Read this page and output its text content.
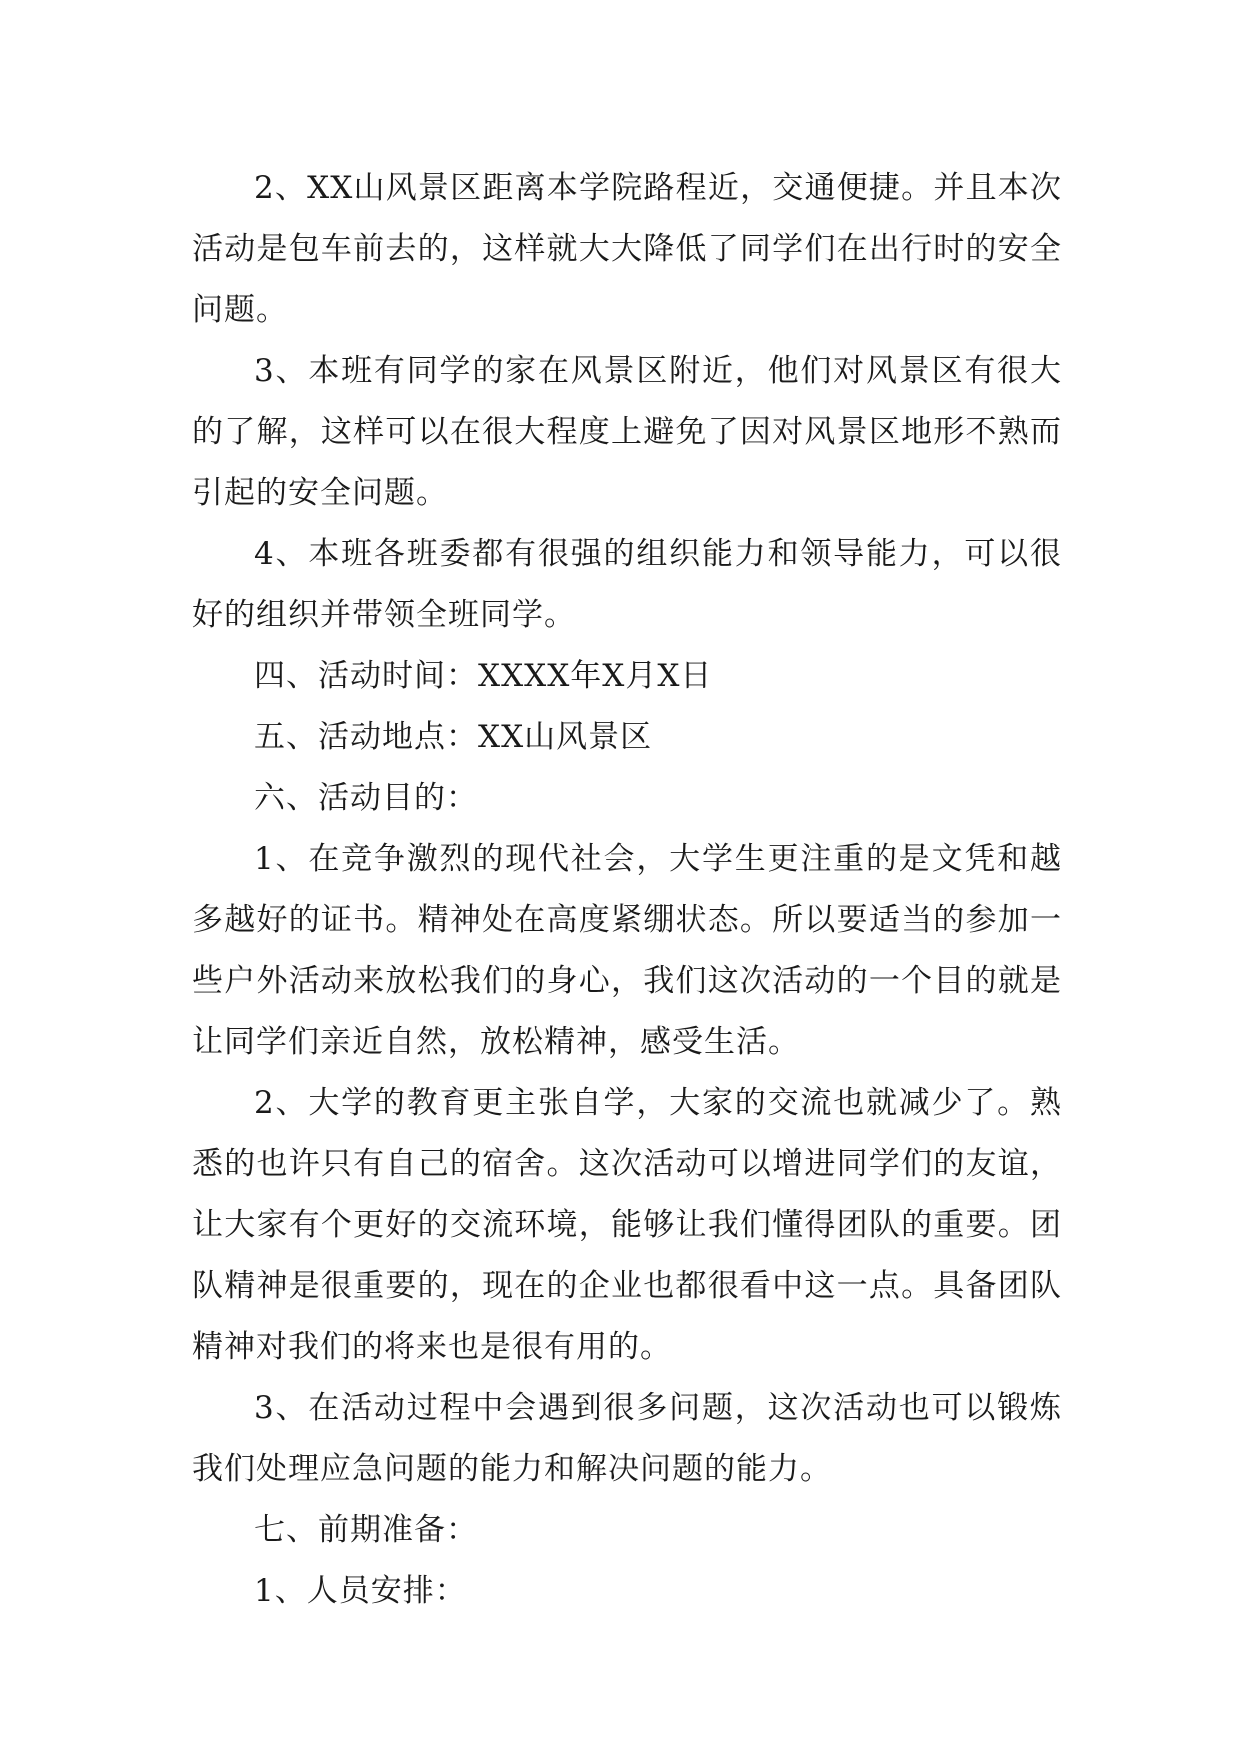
2、XX山风景区距离本学院路程近，交通便捷。并且本次活动是包车前去的，这样就大大降低了同学们在出行时的安全问题。

3、本班有同学的家在风景区附近，他们对风景区有很大的了解，这样可以在很大程度上避免了因对风景区地形不熟而引起的安全问题。

4、本班各班委都有很强的组织能力和领导能力，可以很好的组织并带领全班同学。

四、活动时间：XXXX年X月X日

五、活动地点：XX山风景区

六、活动目的：

1、在竞争激烈的现代社会，大学生更注重的是文凭和越多越好的证书。精神处在高度紧绷状态。所以要适当的参加一些户外活动来放松我们的身心，我们这次活动的一个目的就是让同学们亲近自然，放松精神，感受生活。

2、大学的教育更主张自学，大家的交流也就减少了。熟悉的也许只有自己的宿舍。这次活动可以增进同学们的友谊，让大家有个更好的交流环境，能够让我们懂得团队的重要。团队精神是很重要的，现在的企业也都很看中这一点。具备团队精神对我们的将来也是很有用的。

3、在活动过程中会遇到很多问题，这次活动也可以锻炼我们处理应急问题的能力和解决问题的能力。

七、前期准备：

1、人员安排：
